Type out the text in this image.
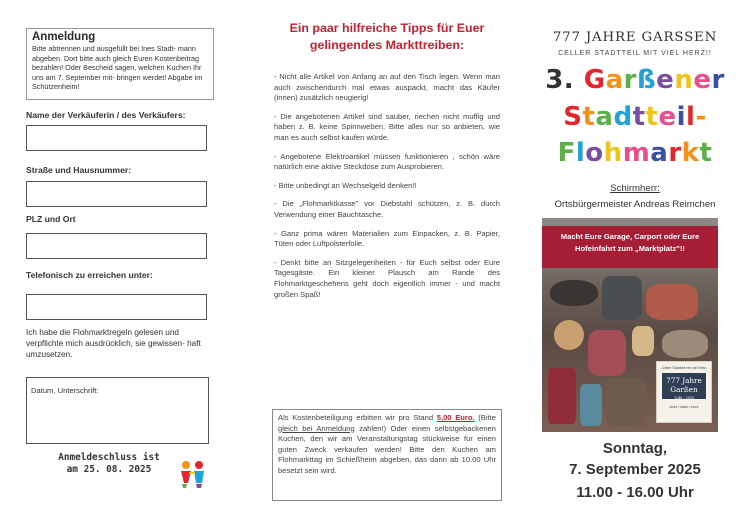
Anmeldung

Bitte abtrennen und ausgefüllt bei Ines Stadt- mann abgeben. Dort bitte auch gleich Euren Kostenbeitrag bezahlen! Oder Bescheid sagen, welchen Kuchen Ihr uns am 7. September mit- bringen werdet! Abgabe im Schützenheim!

Name der Verkäuferin / des Verkäufers:
Straße und Hausnummer:
PLZ und Ort
Telefonisch zu erreichen unter:
Ich habe die Flohmarktregeln gelesen und verpflichte mich ausdrücklich, sie gewissen- haft umzusetzen.
Datum, Unterschrift:
Anmeldeschluss ist
am 25. 08. 2025
Ein paar hilfreiche Tipps für Euer gelingendes Markttreiben:

- Nicht alle Artikel von Anfang an auf den Tisch legen. Wenn man auch zwischendurch mal etwas auspackt, macht das Käufer (innen) zusätzlich neugierig!

- Die angebotenen Artikel sind sauber, riechen nicht muffig und haben z. B. keine Spinnweben. Bitte alles nur so anbieten, wie man es auch selbst kaufen würde.

- Angebotene Elektroartikel müssen funktionieren , schön wäre natürlich eine aktive Steckdose zum Ausprobieren.

- Bitte unbedingt an Wechselgeld denken!!

- Die „Flohmarktkasse" vor Diebstahl schützen, z. B. durch Verwendung einer Bauchtasche.

- Ganz prima wären Materialien zum Einpacken, z. B. Papier, Tüten oder Luftpolsterfolie.

- Denkt bitte an Sitzgelegenheiten - für Euch selbst oder Eure Tagesgäste. Ein kleiner Plausch am Rande des Flohmarktgeschehens geht doch eigentlich immer - und macht großen Spaß!

Als Kostenbeteiligung erbitten wir pro Stand 5,00 Euro. (Bitte gleich bei Anmeldung zahlen!) Oder einen selbstgebackenen Kuchen, den wir am Veranstaltungstag stückweise für einen guten Zweck verkaufen werden! Bitte den Kuchen am Flohmarkttag im Schießheim abgeben, das dann ab 10.00 Uhr besetzt sein wird.
777 JAHRE GARSSEN
CELLER STADTTEIL MIT VIEL HERZ!!
3. Garßener
Stadtteil-
Flohmarkt
Schirmherr:
Ortsbürgermeister Andreas Reimchen
Macht Eure Garage, Carport oder Eure Hofeinfahrt zum „Marktplatz"!!
Celler Stadtteil mit viel Herz
777 Jahre
Garßen
1248 – 2025
stolz • stark • bunt
Sonntag,
7. September 2025
11.00 - 16.00 Uhr
